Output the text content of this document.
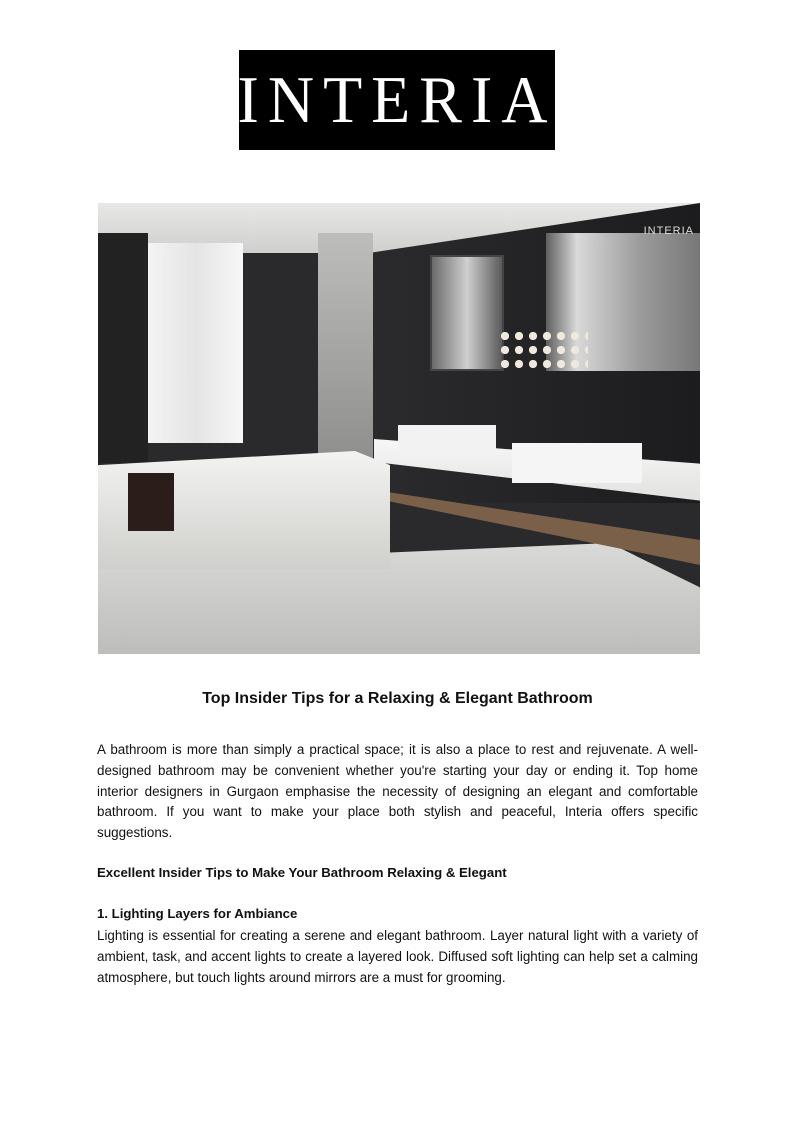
INTERIA
INTERIA
Top Insider Tips for a Relaxing & Elegant Bathroom
A bathroom is more than simply a practical space; it is also a place to rest and rejuvenate. A well-designed bathroom may be convenient whether you're starting your day or ending it. Top home interior designers in Gurgaon emphasise the necessity of designing an elegant and comfortable bathroom. If you want to make your place both stylish and peaceful, Interia offers specific suggestions.
Excellent Insider Tips to Make Your Bathroom Relaxing & Elegant
1. Lighting Layers for Ambiance
Lighting is essential for creating a serene and elegant bathroom. Layer natural light with a variety of ambient, task, and accent lights to create a layered look. Diffused soft lighting can help set a calming atmosphere, but touch lights around mirrors are a must for grooming.
